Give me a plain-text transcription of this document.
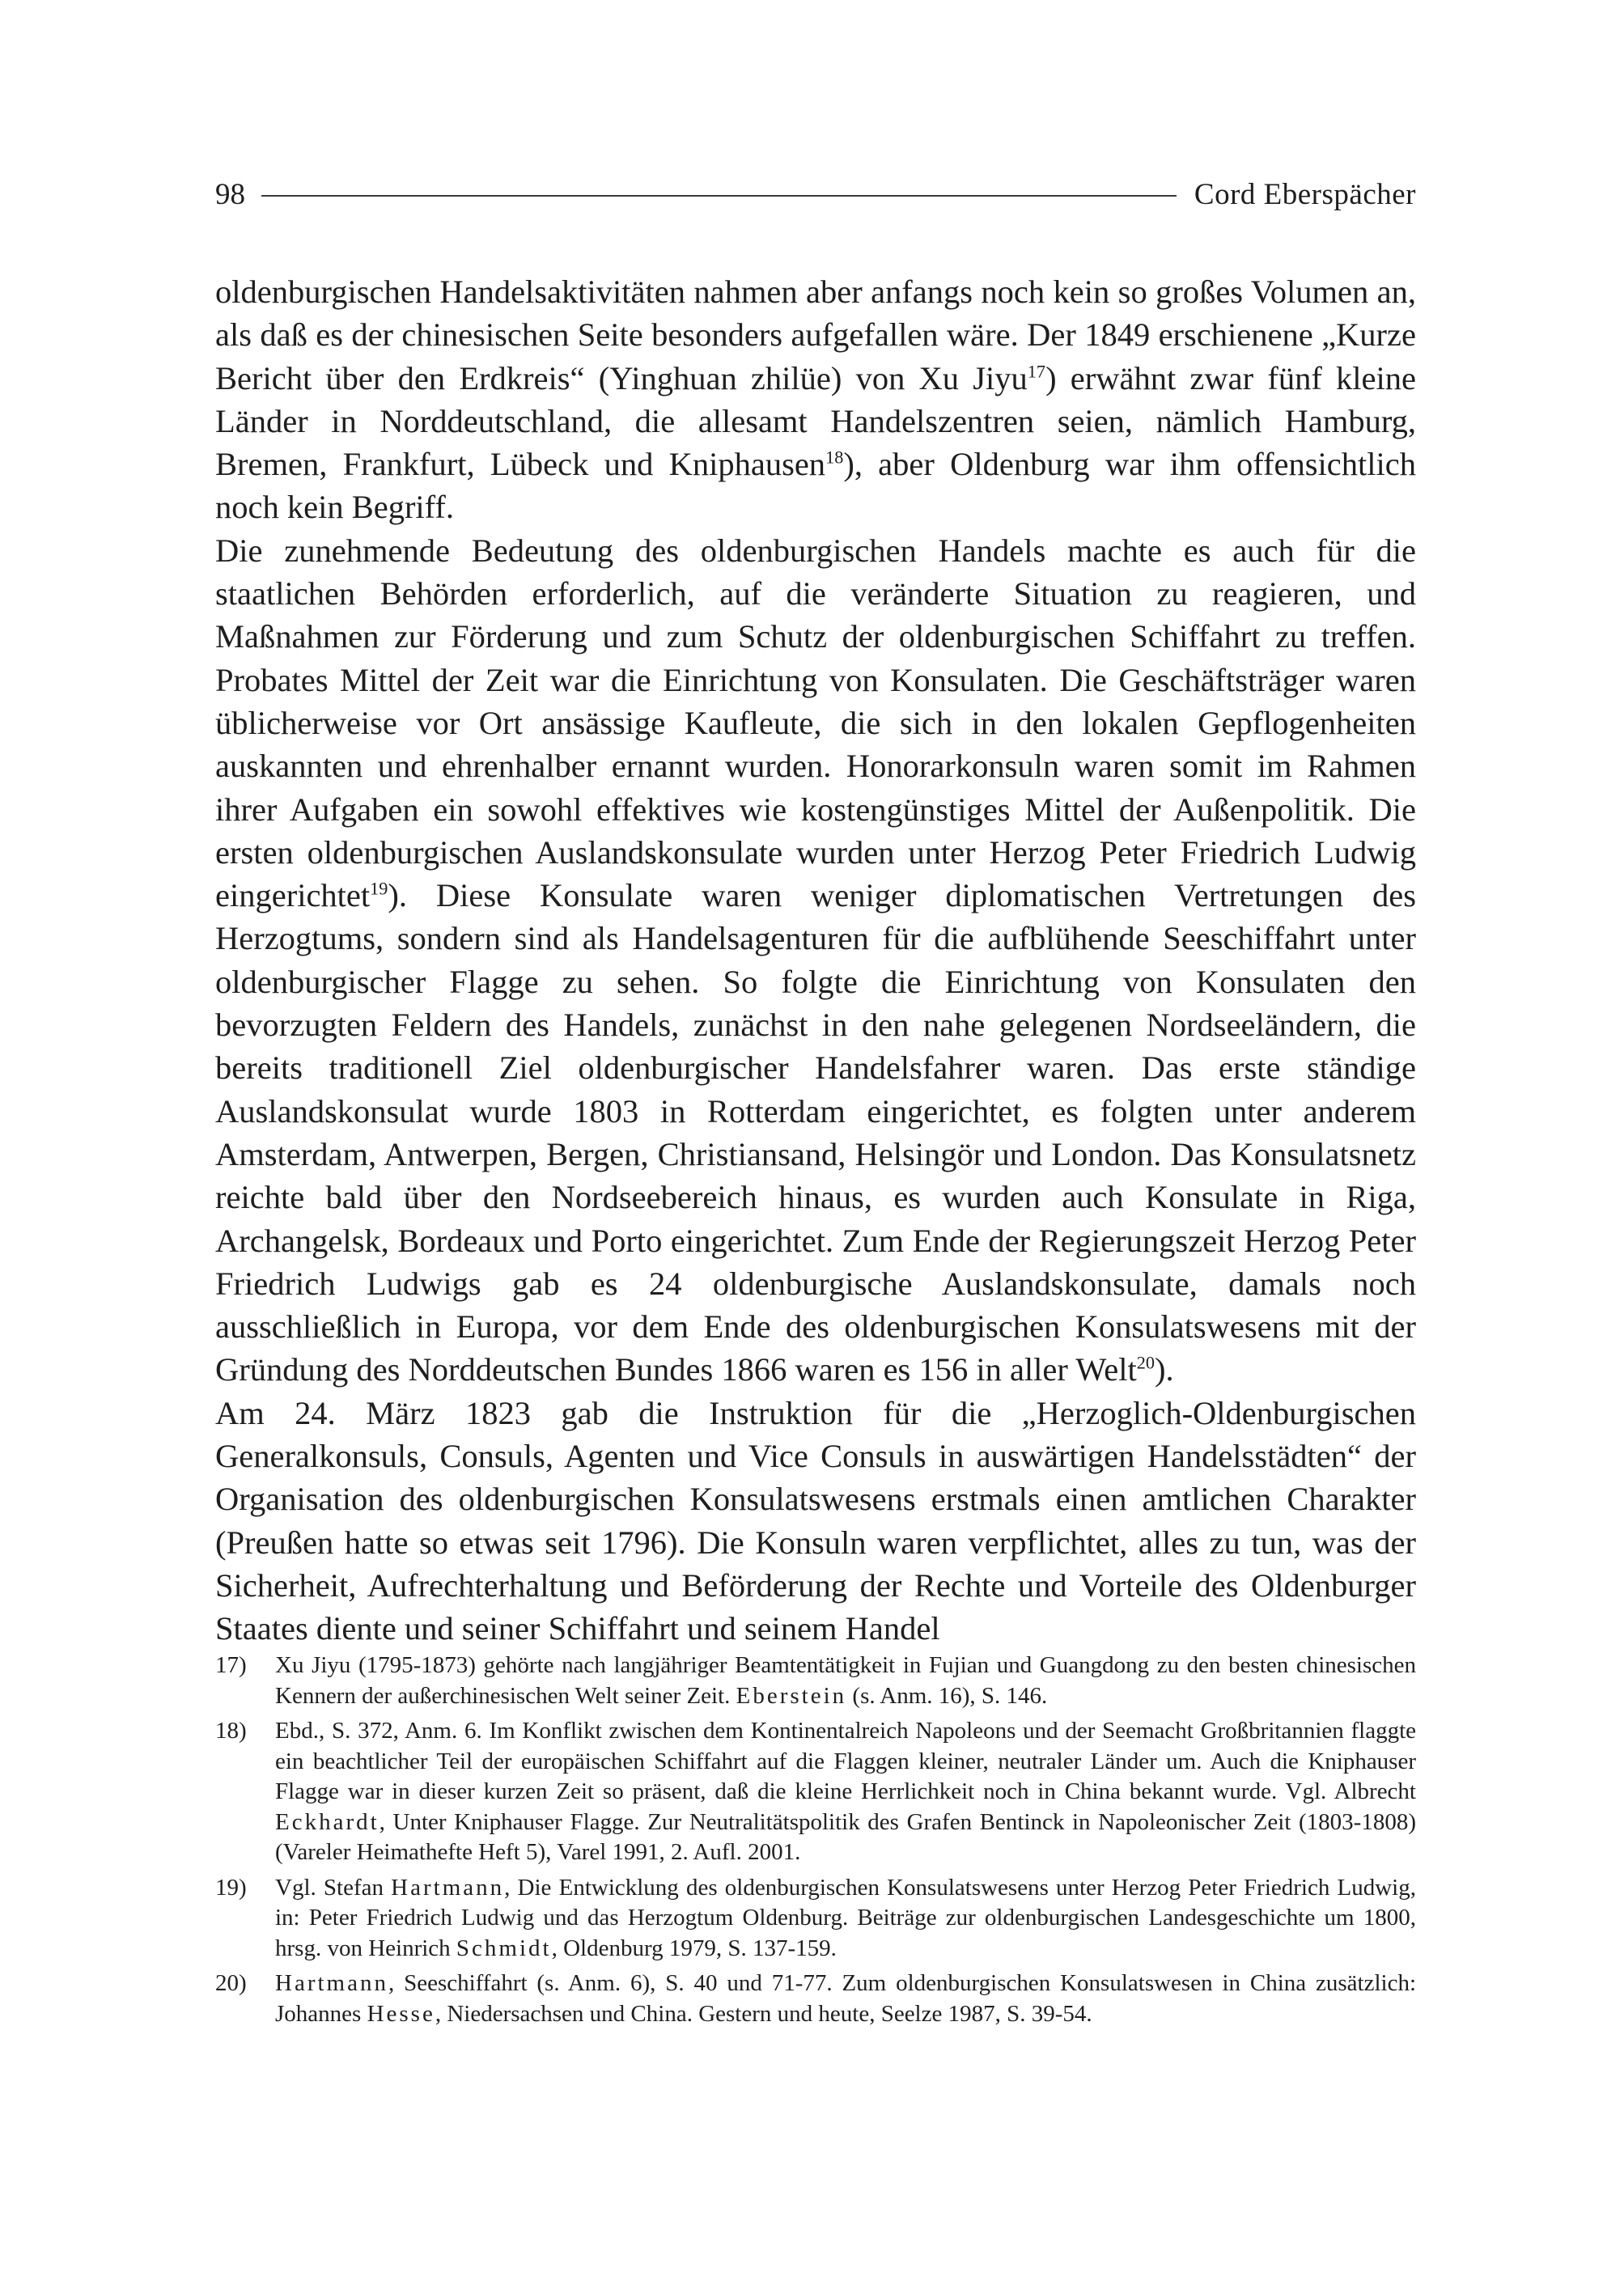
98	Cord Eberspächer

oldenburgischen Handelsaktivitäten nahmen aber anfangs noch kein so großes Volumen an, als daß es der chinesischen Seite besonders aufgefallen wäre. Der 1849 erschienene „Kurze Bericht über den Erdkreis“ (Yinghuan zhilüe) von Xu Jiyu$^{17}$) erwähnt zwar fünf kleine Länder in Norddeutschland, die allesamt Handelszentren seien, nämlich Hamburg, Bremen, Frankfurt, Lübeck und Kniphausen$^{18}$), aber Oldenburg war ihm offensichtlich noch kein Begriff.

Die zunehmende Bedeutung des oldenburgischen Handels machte es auch für die staatlichen Behörden erforderlich, auf die veränderte Situation zu reagieren, und Maßnahmen zur Förderung und zum Schutz der oldenburgischen Schiffahrt zu treffen. Probates Mittel der Zeit war die Einrichtung von Konsulaten. Die Geschäftsträger waren üblicherweise vor Ort ansässige Kaufleute, die sich in den lokalen Gepflogenheiten auskannten und ehrenhalber ernannt wurden. Honorarkonsuln waren somit im Rahmen ihrer Aufgaben ein sowohl effektives wie kostengünstiges Mittel der Außenpolitik. Die ersten oldenburgischen Auslandskonsulate wurden unter Herzog Peter Friedrich Ludwig eingerichtet$^{19}$). Diese Konsulate waren weniger diplomatischen Vertretungen des Herzogtums, sondern sind als Handelsagenturen für die aufblühende Seeschiffahrt unter oldenburgischer Flagge zu sehen. So folgte die Einrichtung von Konsulaten den bevorzugten Feldern des Handels, zunächst in den nahe gelegenen Nordseeländern, die bereits traditionell Ziel oldenburgischer Handelsfahrer waren. Das erste ständige Auslandskonsulat wurde 1803 in Rotterdam eingerichtet, es folgten unter anderem Amsterdam, Antwerpen, Bergen, Christiansand, Helsingör und London. Das Konsulatsnetz reichte bald über den Nordseebereich hinaus, es wurden auch Konsulate in Riga, Archangelsk, Bordeaux und Porto eingerichtet. Zum Ende der Regierungszeit Herzog Peter Friedrich Ludwigs gab es 24 oldenburgische Auslandskonsulate, damals noch ausschließlich in Europa, vor dem Ende des oldenburgischen Konsulatswesens mit der Gründung des Norddeutschen Bundes 1866 waren es 156 in aller Welt$^{20}$).

Am 24. März 1823 gab die Instruktion für die „Herzoglich-Oldenburgischen Generalkonsuls, Consuls, Agenten und Vice Consuls in auswärtigen Handelsstädten“ der Organisation des oldenburgischen Konsulatswesens erstmals einen amtlichen Charakter (Preußen hatte so etwas seit 1796). Die Konsuln waren verpflichtet, alles zu tun, was der Sicherheit, Aufrechterhaltung und Beförderung der Rechte und Vorteile des Oldenburger Staates diente und seiner Schiffahrt und seinem Handel

17)	Xu Jiyu (1795-1873) gehörte nach langjähriger Beamtentätigkeit in Fujian und Guangdong zu den besten chinesischen Kennern der außerchinesischen Welt seiner Zeit. Eberstein (s. Anm. 16), S. 146.
18)	Ebd., S. 372, Anm. 6. Im Konflikt zwischen dem Kontinentalreich Napoleons und der Seemacht Großbritannien flaggte ein beachtlicher Teil der europäischen Schiffahrt auf die Flaggen kleiner, neutraler Länder um. Auch die Kniphauser Flagge war in dieser kurzen Zeit so präsent, daß die kleine Herrlichkeit noch in China bekannt wurde. Vgl. Albrecht Eckhardt, Unter Kniphauser Flagge. Zur Neutralitätspolitik des Grafen Bentinck in Napoleonischer Zeit (1803-1808) (Vareler Heimathefte Heft 5), Varel 1991, 2. Aufl. 2001.
19)	Vgl. Stefan Hartmann, Die Entwicklung des oldenburgischen Konsulatswesens unter Herzog Peter Friedrich Ludwig, in: Peter Friedrich Ludwig und das Herzogtum Oldenburg. Beiträge zur oldenburgischen Landesgeschichte um 1800, hrsg. von Heinrich Schmidt, Oldenburg 1979, S. 137-159.
20)	Hartmann, Seeschiffahrt (s. Anm. 6), S. 40 und 71-77. Zum oldenburgischen Konsulatswesen in China zusätzlich: Johannes Hesse, Niedersachsen und China. Gestern und heute, Seelze 1987, S. 39-54.
